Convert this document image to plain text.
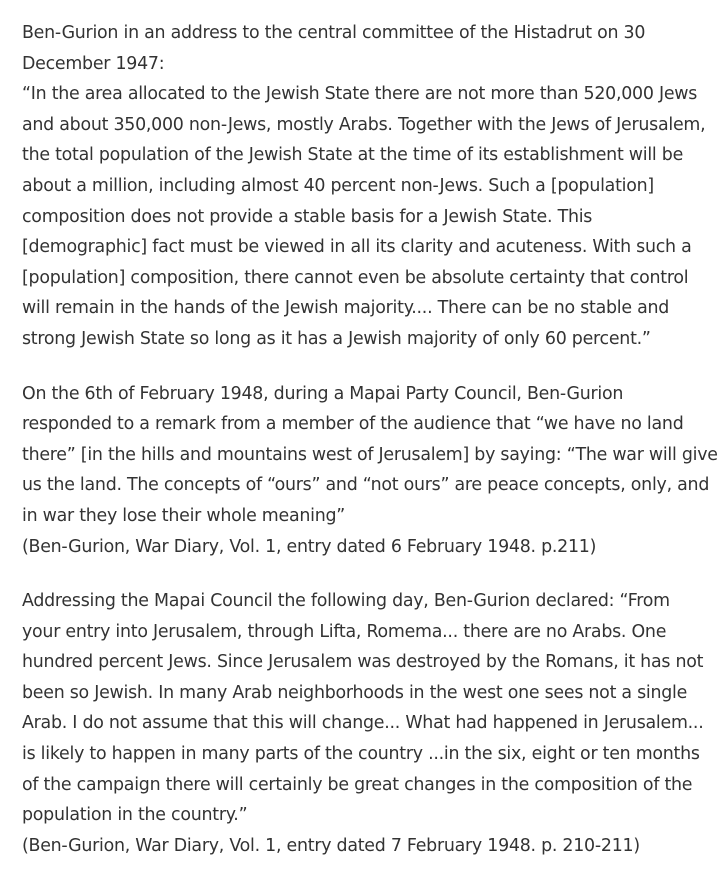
Ben-Gurion in an address to the central committee of the Histadrut on 30
December 1947:
“In the area allocated to the Jewish State there are not more than 520,000 Jews
and about 350,000 non-Jews, mostly Arabs. Together with the Jews of Jerusalem,
the total population of the Jewish State at the time of its establishment will be
about a million, including almost 40 percent non-Jews. Such a [population]
composition does not provide a stable basis for a Jewish State. This
[demographic] fact must be viewed in all its clarity and acuteness. With such a
[population] composition, there cannot even be absolute certainty that control
will remain in the hands of the Jewish majority.... There can be no stable and
strong Jewish State so long as it has a Jewish majority of only 60 percent.”

On the 6th of February 1948, during a Mapai Party Council, Ben-Gurion
responded to a remark from a member of the audience that “we have no land
there” [in the hills and mountains west of Jerusalem] by saying: “The war will give
us the land. The concepts of “ours” and “not ours” are peace concepts, only, and
in war they lose their whole meaning”
(Ben-Gurion, War Diary, Vol. 1, entry dated 6 February 1948. p.211)

Addressing the Mapai Council the following day, Ben-Gurion declared: “From
your entry into Jerusalem, through Lifta, Romema... there are no Arabs. One
hundred percent Jews. Since Jerusalem was destroyed by the Romans, it has not
been so Jewish. In many Arab neighborhoods in the west one sees not a single
Arab. I do not assume that this will change... What had happened in Jerusalem...
is likely to happen in many parts of the country ...in the six, eight or ten months
of the campaign there will certainly be great changes in the composition of the
population in the country.”
(Ben-Gurion, War Diary, Vol. 1, entry dated 7 February 1948. p. 210-211)
